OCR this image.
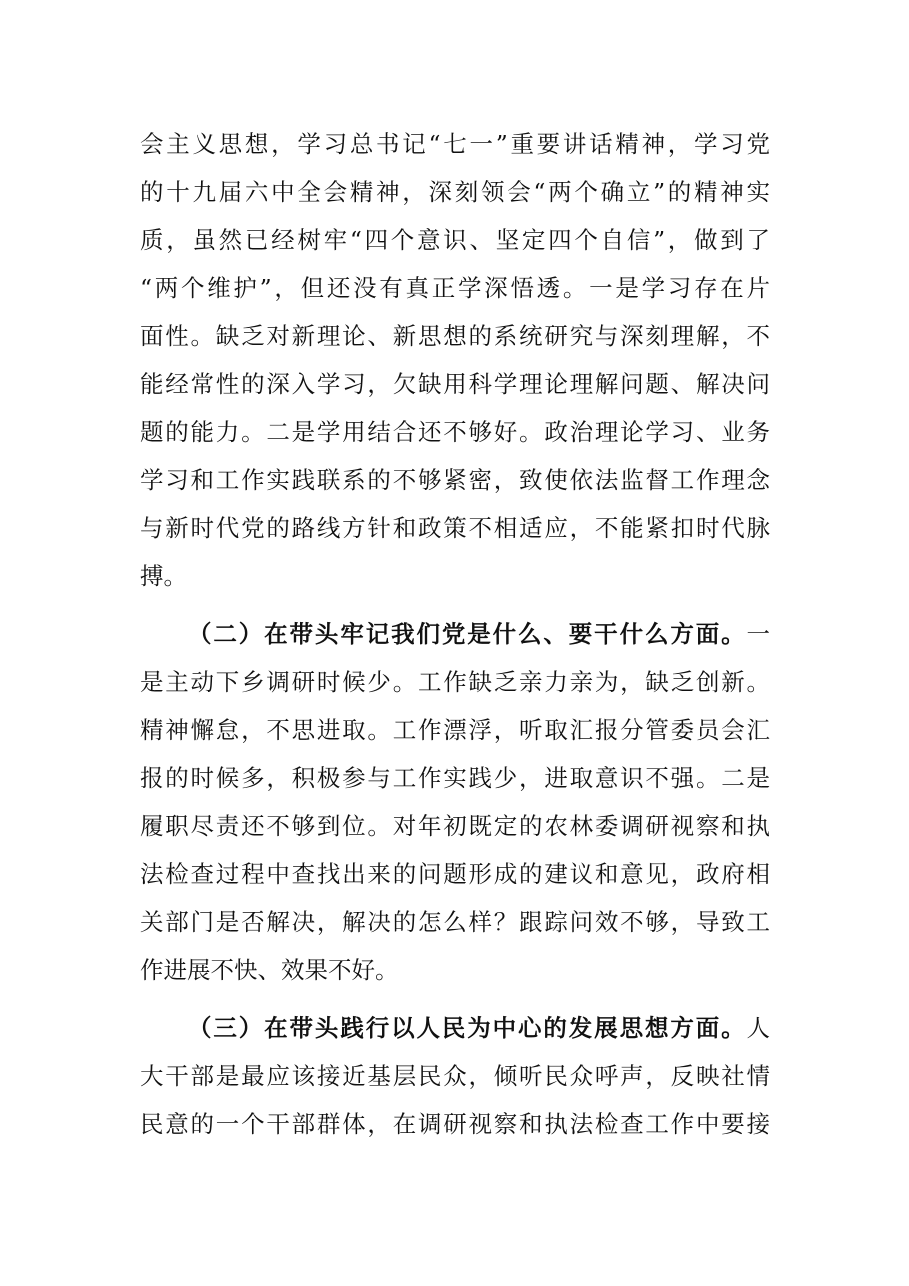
会主义思想，学习总书记“七一”重要讲话精神，学习党
的十九届六中全会精神，深刻领会“两个确立”的精神实
质，虽然已经树牢“四个意识、坚定四个自信”，做到了
“两个维护”，但还没有真正学深悟透。一是学习存在片
面性。缺乏对新理论、新思想的系统研究与深刻理解，不
能经常性的深入学习，欠缺用科学理论理解问题、解决问
题的能力。二是学用结合还不够好。政治理论学习、业务
学习和工作实践联系的不够紧密，致使依法监督工作理念
与新时代党的路线方针和政策不相适应，不能紧扣时代脉
搏。
（二）在带头牢记我们党是什么、要干什么方面。一
是主动下乡调研时候少。工作缺乏亲力亲为，缺乏创新。
精神懈怠，不思进取。工作漂浮，听取汇报分管委员会汇
报的时候多，积极参与工作实践少，进取意识不强。二是
履职尽责还不够到位。对年初既定的农林委调研视察和执
法检查过程中查找出来的问题形成的建议和意见，政府相
关部门是否解决，解决的怎么样？跟踪问效不够，导致工
作进展不快、效果不好。
（三）在带头践行以人民为中心的发展思想方面。人
大干部是最应该接近基层民众，倾听民众呼声，反映社情
民意的一个干部群体，在调研视察和执法检查工作中要接
